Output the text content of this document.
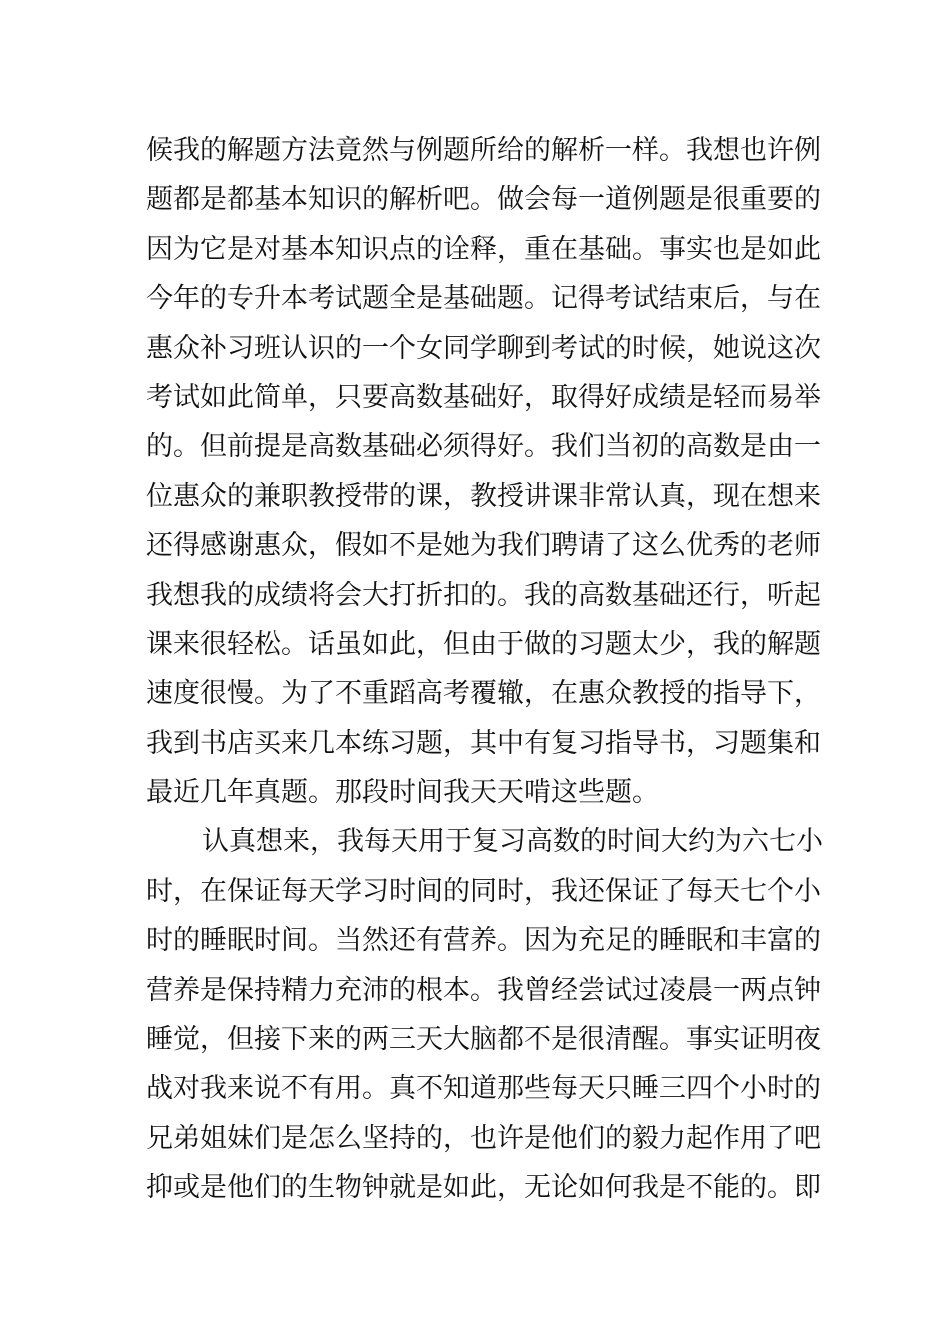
候我的解题方法竟然与例题所给的解析一样。我想也许例
题都是都基本知识的解析吧。做会每一道例题是很重要的
因为它是对基本知识点的诠释，重在基础。事实也是如此
今年的专升本考试题全是基础题。记得考试结束后，与在
惠众补习班认识的一个女同学聊到考试的时候，她说这次
考试如此简单，只要高数基础好，取得好成绩是轻而易举
的。但前提是高数基础必须得好。我们当初的高数是由一
位惠众的兼职教授带的课，教授讲课非常认真，现在想来
还得感谢惠众，假如不是她为我们聘请了这么优秀的老师
我想我的成绩将会大打折扣的。我的高数基础还行，听起
课来很轻松。话虽如此，但由于做的习题太少，我的解题
速度很慢。为了不重蹈高考覆辙，在惠众教授的指导下，
我到书店买来几本练习题，其中有复习指导书，习题集和
最近几年真题。那段时间我天天啃这些题。
认真想来，我每天用于复习高数的时间大约为六七小
时，在保证每天学习时间的同时，我还保证了每天七个小
时的睡眠时间。当然还有营养。因为充足的睡眠和丰富的
营养是保持精力充沛的根本。我曾经尝试过凌晨一两点钟
睡觉，但接下来的两三天大脑都不是很清醒。事实证明夜
战对我来说不有用。真不知道那些每天只睡三四个小时的
兄弟姐妹们是怎么坚持的，也许是他们的毅力起作用了吧
抑或是他们的生物钟就是如此，无论如何我是不能的。即
